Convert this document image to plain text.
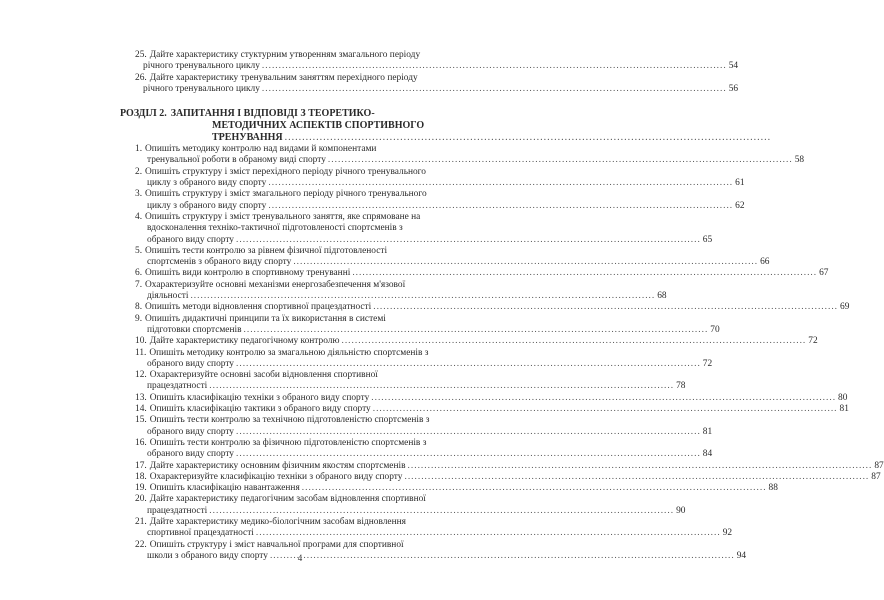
25. Дайте характеристику стуктурним утворенням змагального періоду
річного тренувального циклу .....	54
26. Дайте характеристику тренувальним заняттям перехідного періоду
річного тренувального циклу .....	56
РОЗДІЛ 2. ЗАПИТАННЯ І ВІДПОВІДІ З ТЕОРЕТИКО-
МЕТОДИЧНИХ АСПЕКТІВ СПОРТИВНОГО
ТРЕНУВАННЯ
.....
1. Опишіть методику контролю над видами й компонентами
тренувальної роботи в обраному виді спорту .....	58
2. Опишіть структуру і зміст перехідного періоду річного тренувального
циклу з обраного виду спорту .....	61
3. Опишіть структуру і зміст змагального періоду річного тренувального
циклу з обраного виду спорту .....	62
4. Опишіть структуру і зміст тренувального заняття, яке спрямоване на
вдосконалення техніко-тактичної підготовленості спортсменів з
обраного виду спорту .....	65
5. Опишіть тести контролю за рівнем фізичної підготовленості
спортсменів з обраного виду спорту .....	66
6. Опишіть види контролю в спортивному тренуванні .....	67
7. Охарактеризуйте основні механізми енергозабезпечення м'язової
діяльності .....	68
8. Опишіть методи відновлення спортивної працездатності .....	69
9. Опишіть дидактичні принципи та їх використання в системі
підготовки спортсменів .....	70
10. Дайте характеристику педагогічному контролю .....	72
11. Опишіть методику контролю за змагальною діяльністю спортсменів з
обраного виду спорту .....	72
12. Охарактеризуйте основні засоби відновлення спортивної
працездатності .....	78
13. Опишіть класифікацію техніки з обраного виду спорту .....	80
14. Опишіть класифікацію тактики з обраного виду спорту .....	81
15. Опишіть тести контролю за технічною підготовленістю спортсменів з
обраного виду спорту .....	81
16. Опишіть тести контролю за фізичною підготовленістю спортсменів з
обраного виду спорту .....	84
17. Дайте характеристику основним фізичним якостям спортсменів .....	87
18. Охарактеризуйте класифікацію техніки з обраного виду спорту .....	87
19. Опишіть класифікацію навантаження .....	88
20. Дайте характеристику педагогічним засобам відновлення спортивної
працездатності .....	90
21. Дайте характеристику медико-біологічним засобам відновлення
спортивної працездатності .....	92
22. Опишіть структуру і зміст навчальної програми для спортивної
школи з обраного виду спорту .....	94
4
